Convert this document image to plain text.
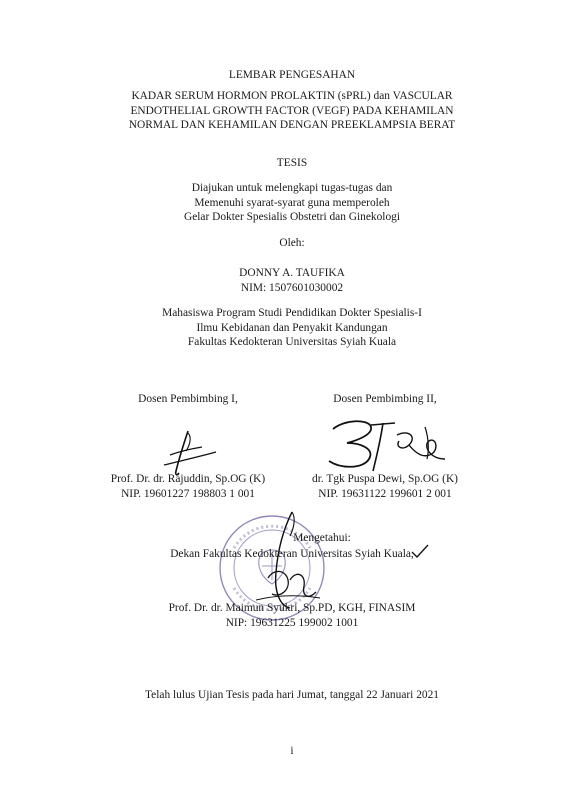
LEMBAR PENGESAHAN
KADAR SERUM HORMON PROLAKTIN (sPRL) dan VASCULAR
ENDOTHELIAL GROWTH FACTOR (VEGF) PADA KEHAMILAN
NORMAL DAN KEHAMILAN DENGAN PREEKLAMPSIA BERAT
TESIS
Diajukan untuk melengkapi tugas-tugas dan
Memenuhi syarat-syarat guna memperoleh
Gelar Dokter Spesialis Obstetri dan Ginekologi
Oleh:
DONNY A. TAUFIKA
NIM: 1507601030002
Mahasiswa Program Studi Pendidikan Dokter Spesialis-I
Ilmu Kebidanan dan Penyakit Kandungan
Fakultas Kedokteran Universitas Syiah Kuala
Dosen Pembimbing I,
Prof. Dr. dr. Rajuddin, Sp.OG (K)
NIP. 19601227 198803 1 001
Dosen Pembimbing II,
dr. Tgk Puspa Dewi, Sp.OG (K)
NIP. 19631122 199601 2 001
Mengetahui:
Dekan Fakultas Kedokteran Universitas Syiah Kuala,
Prof. Dr. dr. Maimun Syukri, Sp.PD, KGH, FINASIM
NIP: 19631225 199002 1001
Telah lulus Ujian Tesis pada hari Jumat, tanggal 22 Januari 2021
i
